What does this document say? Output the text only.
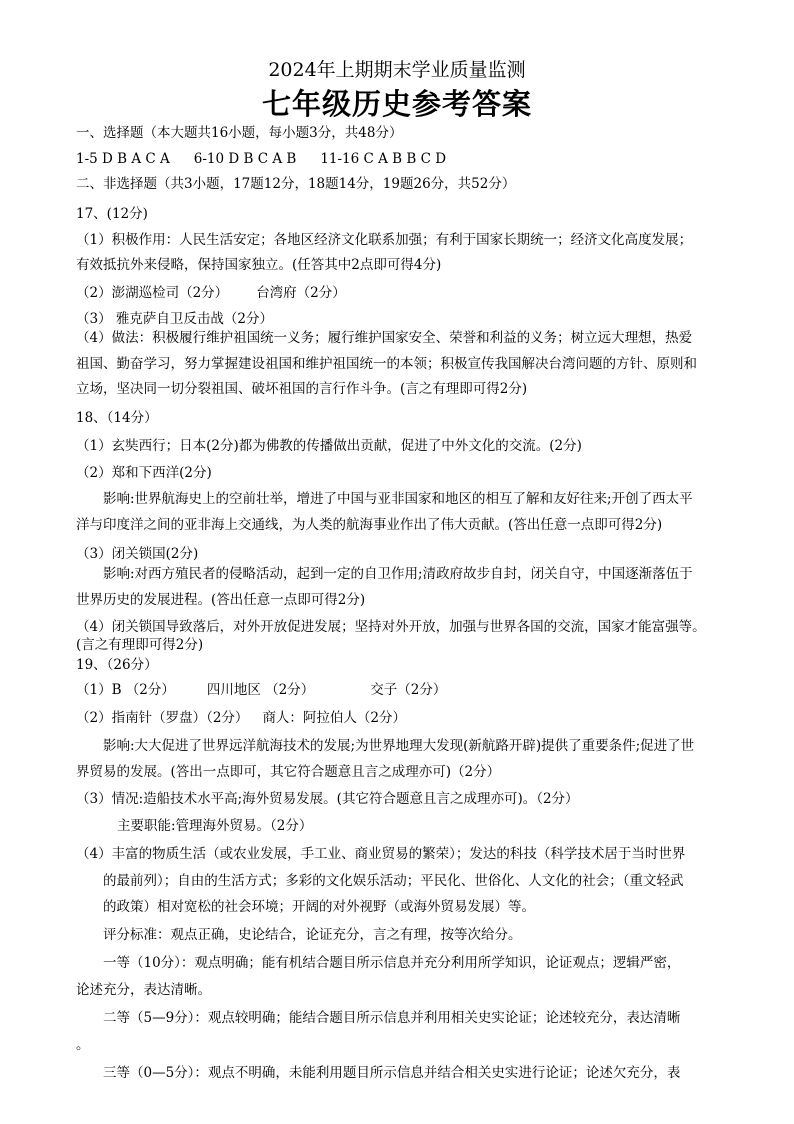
2024年上期期末学业质量监测
七年级历史参考答案
一、选择题（本大题共16小题，每小题3分，共48分）
1-5 D B A C A 6-10 D B C A B 11-16 C A B B C D
二、非选择题（共3小题，17题12分，18题14分，19题26分，共52分）
17、(12分)
（1）积极作用：人民生活安定；各地区经济文化联系加强；有利于国家长期统一；经济文化高度发展；
有效抵抗外来侵略，保持国家独立。(任答其中2点即可得4分)
（2）澎湖巡检司（2分） 台湾府（2分）
（3） 雅克萨自卫反击战（2分）
（4）做法：积极履行维护祖国统一义务；履行维护国家安全、荣誉和利益的义务；树立远大理想，热爱
祖国、勤奋学习，努力掌握建设祖国和维护祖国统一的本领；积极宣传我国解决台湾问题的方针、原则和
立场，坚决同一切分裂祖国、破坏祖国的言行作斗争。(言之有理即可得2分)
18、（14分）
（1）玄奘西行；日本(2分)都为佛教的传播做出贡献，促进了中外文化的交流。(2分)
（2）郑和下西洋(2分)
影响:世界航海史上的空前壮举，增进了中国与亚非国家和地区的相互了解和友好往来;开创了西太平
洋与印度洋之间的亚非海上交通线，为人类的航海事业作出了伟大贡献。(答出任意一点即可得2分)
（3）闭关锁国(2分)
影响:对西方殖民者的侵略活动，起到一定的自卫作用;清政府故步自封，闭关自守，中国逐渐落伍于
世界历史的发展进程。(答出任意一点即可得2分)
（4）闭关锁国导致落后，对外开放促进发展；坚持对外开放，加强与世界各国的交流，国家才能富强等。
(言之有理即可得2分)
19、（26分）
（1）B （2分） 四川地区 （2分）	交子（2分）
（2）指南针（罗盘）（2分） 商人：阿拉伯人（2分）
影响:大大促进了世界远洋航海技术的发展;为世界地理大发现(新航路开辟)提供了重要条件;促进了世
界贸易的发展。(答出一点即可，其它符合题意且言之成理亦可)（2分）
（3）情况:造船技术水平高;海外贸易发展。(其它符合题意且言之成理亦可)。（2分）
主要职能:管理海外贸易。（2分）
（4）丰富的物质生活（或农业发展，手工业、商业贸易的繁荣）；发达的科技（科学技术居于当时世界
的最前列）；自由的生活方式；多彩的文化娱乐活动；平民化、世俗化、人文化的社会；（重文轻武
的政策）相对宽松的社会环境；开阔的对外视野（或海外贸易发展）等。
评分标准：观点正确，史论结合，论证充分，言之有理，按等次给分。
一等（10分）：观点明确；能有机结合题目所示信息并充分利用所学知识，论证观点；逻辑严密，
论述充分，表达清晰。
二等（5—9分）：观点较明确；能结合题目所示信息并利用相关史实论证；论述较充分，表达清晰
。
三等（0—5分）：观点不明确，未能利用题目所示信息并结合相关史实进行论证；论述欠充分，表
